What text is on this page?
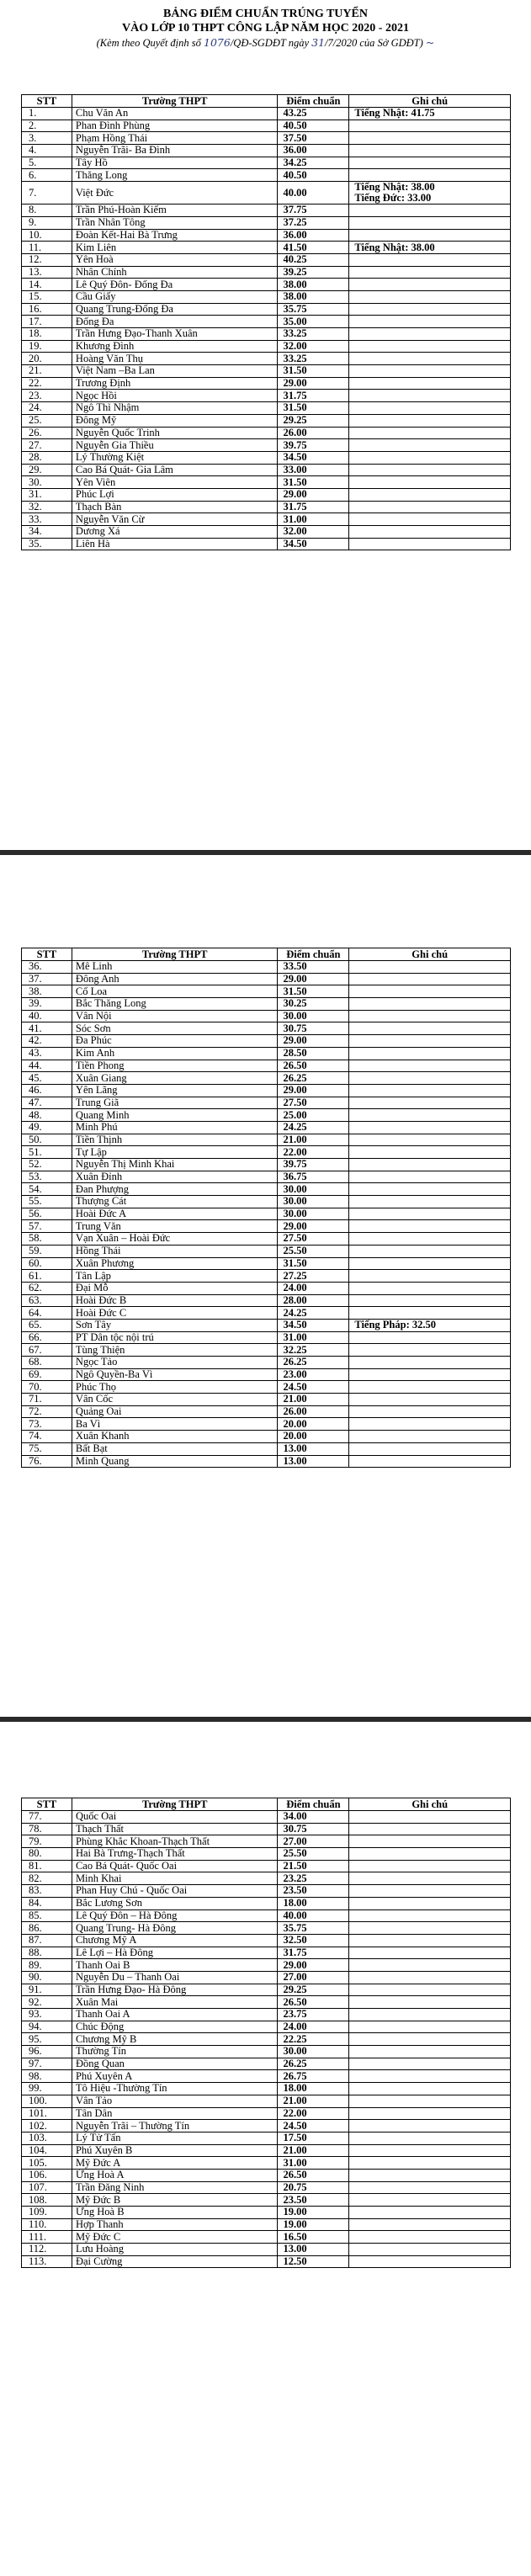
BẢNG ĐIỂM CHUẨN TRÚNG TUYỂN
VÀO LỚP 10 THPT CÔNG LẬP NĂM HỌC 2020 - 2021
(Kèm theo Quyết định số 1076/QĐ-SGDĐT ngày 31/7/2020 của Sở GDĐT) ~
STT	Trường THPT	Điểm chuẩn	Ghi chú
1.	Chu Văn An	43.25	Tiếng Nhật: 41.75

2.	Phan Đình Phùng	40.50	

3.	Phạm Hồng Thái	37.50	

4.	Nguyễn Trãi- Ba Đình	36.00	

5.	Tây Hồ	34.25	

6.	Thăng Long	40.50	

7.	Việt Đức	40.00	Tiếng Nhật: 38.00
Tiếng Đức: 33.00

8.	Trần Phú-Hoàn Kiếm	37.75	

9.	Trần Nhân Tông	37.25	

10.	Đoàn Kết-Hai Bà Trưng	36.00	

11.	Kim Liên	41.50	Tiếng Nhật: 38.00

12.	Yên Hoà	40.25	

13.	Nhân Chính	39.25	

14.	Lê Quý Đôn- Đống Đa	38.00	

15.	Cầu Giấy	38.00	

16.	Quang Trung-Đống Đa	35.75	

17.	Đống Đa	35.00	

18.	Trần Hưng Đạo-Thanh Xuân	33.25	

19.	Khương Đình	32.00	

20.	Hoàng Văn Thụ	33.25	

21.	Việt Nam –Ba Lan	31.50	

22.	Trương Định	29.00	

23.	Ngọc Hồi	31.75	

24.	Ngô Thì Nhậm	31.50	

25.	Đông Mỹ	29.25	

26.	Nguyễn Quốc Trinh	26.00	

27.	Nguyễn Gia Thiều	39.75	

28.	Lý Thường Kiệt	34.50	

29.	Cao Bá Quát- Gia Lâm	33.00	

30.	Yên Viên	31.50	

31.	Phúc Lợi	29.00	

32.	Thạch Bàn	31.75	

33.	Nguyễn Văn Cừ	31.00	

34.	Dương Xá	32.00	

35.	Liên Hà	34.50	
STT	Trường THPT	Điểm chuẩn	Ghi chú
36.	Mê Linh	33.50	

37.	Đông Anh	29.00	

38.	Cổ Loa	31.50	

39.	Bắc Thăng Long	30.25	

40.	Vân Nội	30.00	

41.	Sóc Sơn	30.75	

42.	Đa Phúc	29.00	

43.	Kim Anh	28.50	

44.	Tiền Phong	26.50	

45.	Xuân Giang	26.25	

46.	Yên Lãng	29.00	

47.	Trung Giã	27.50	

48.	Quang Minh	25.00	

49.	Minh Phú	24.25	

50.	Tiền Thịnh	21.00	

51.	Tự Lập	22.00	

52.	Nguyễn Thị Minh Khai	39.75	

53.	Xuân Đỉnh	36.75	

54.	Đan Phượng	30.00	

55.	Thượng Cát	30.00	

56.	Hoài Đức A	30.00	

57.	Trung Văn	29.00	

58.	Vạn Xuân – Hoài Đức	27.50	

59.	Hồng Thái	25.50	

60.	Xuân Phương	31.50	

61.	Tân Lập	27.25	

62.	Đại Mỗ	24.00	

63.	Hoài Đức B	28.00	

64.	Hoài Đức C	24.25	

65.	Sơn Tây	34.50	Tiếng Pháp: 32.50

66.	PT Dân tộc nội trú	31.00	

67.	Tùng Thiện	32.25	

68.	Ngọc Tảo	26.25	

69.	Ngô Quyền-Ba Vì	23.00	

70.	Phúc Thọ	24.50	

71.	Vân Cốc	21.00	

72.	Quảng Oai	26.00	

73.	Ba Vì	20.00	

74.	Xuân Khanh	20.00	

75.	Bất Bạt	13.00	

76.	Minh Quang	13.00	
STT	Trường THPT	Điểm chuẩn	Ghi chú
77.	Quốc Oai	34.00	

78.	Thạch Thất	30.75	

79.	Phùng Khắc Khoan-Thạch Thất	27.00	

80.	Hai Bà Trưng-Thạch Thất	25.50	

81.	Cao Bá Quát- Quốc Oai	21.50	

82.	Minh Khai	23.25	

83.	Phan Huy Chú - Quốc Oai	23.50	

84.	Bắc Lương Sơn	18.00	

85.	Lê Quý Đôn – Hà Đông	40.00	

86.	Quang Trung- Hà Đông	35.75	

87.	Chương Mỹ A	32.50	

88.	Lê Lợi – Hà Đông	31.75	

89.	Thanh Oai B	29.00	

90.	Nguyễn Du – Thanh Oai	27.00	

91.	Trần Hưng Đạo- Hà Đông	29.25	

92.	Xuân Mai	26.50	

93.	Thanh Oai A	23.75	

94.	Chúc Động	24.00	

95.	Chương Mỹ B	22.25	

96.	Thường Tín	30.00	

97.	Đồng Quan	26.25	

98.	Phú Xuyên A	26.75	

99.	Tô Hiệu -Thường Tín	18.00	

100.	Vân Tảo	21.00	

101.	Tân Dân	22.00	

102.	Nguyễn Trãi – Thường Tín	24.50	

103.	Lý Tử Tấn	17.50	

104.	Phú Xuyên B	21.00	

105.	Mỹ Đức A	31.00	

106.	Ứng Hoà A	26.50	

107.	Trần Đăng Ninh	20.75	

108.	Mỹ Đức B	23.50	

109.	Ứng Hoà B	19.00	

110.	Hợp Thanh	19.00	

111.	Mỹ Đức C	16.50	

112.	Lưu Hoàng	13.00	

113.	Đại Cường	12.50	
